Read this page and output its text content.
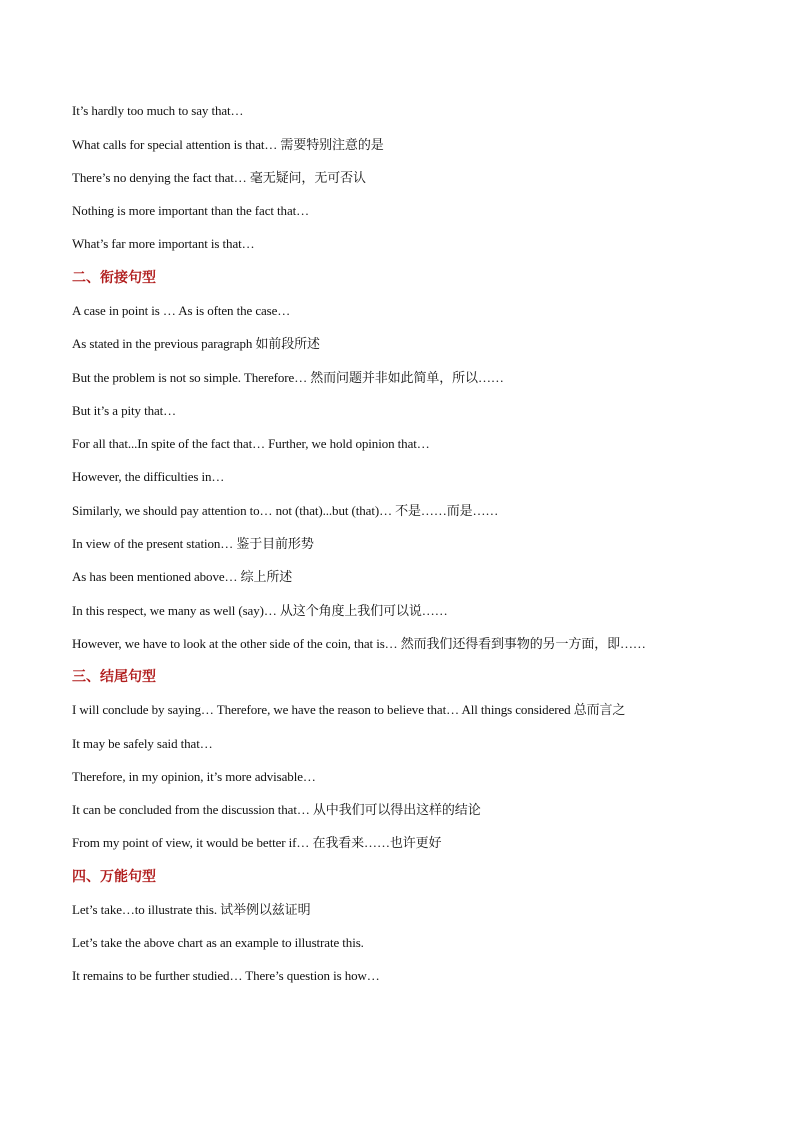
It’s hardly too much to say that…
What calls for special attention is that… 需要特别注意的是
There’s no denying the fact that… 毫无疑问，无可否认
Nothing is more important than the fact that…
What’s far more important is that…
二、衔接句型
A case in point is … As is often the case…
As stated in the previous paragraph 如前段所述
But the problem is not so simple. Therefore… 然而问题并非如此简单，所以……
But it’s a pity that…
For all that...In spite of the fact that… Further, we hold opinion that…
However, the difficulties in…
Similarly, we should pay attention to… not (that)...but (that)… 不是……而是……
In view of the present station… 鉴于目前形势
As has been mentioned above… 综上所述
In this respect, we many as well (say)… 从这个角度上我们可以说……
However, we have to look at the other side of the coin, that is… 然而我们还得看到事物的另一方面，即……
三、结尾句型
I will conclude by saying… Therefore, we have the reason to believe that… All things considered 总而言之
It may be safely said that…
Therefore, in my opinion, it’s more advisable…
It can be concluded from the discussion that… 从中我们可以得出这样的结论
From my point of view, it would be better if… 在我看来……也许更好
四、万能句型
Let’s take…to illustrate this. 试举例以兹证明
Let’s take the above chart as an example to illustrate this.
It remains to be further studied… There’s question is how…
